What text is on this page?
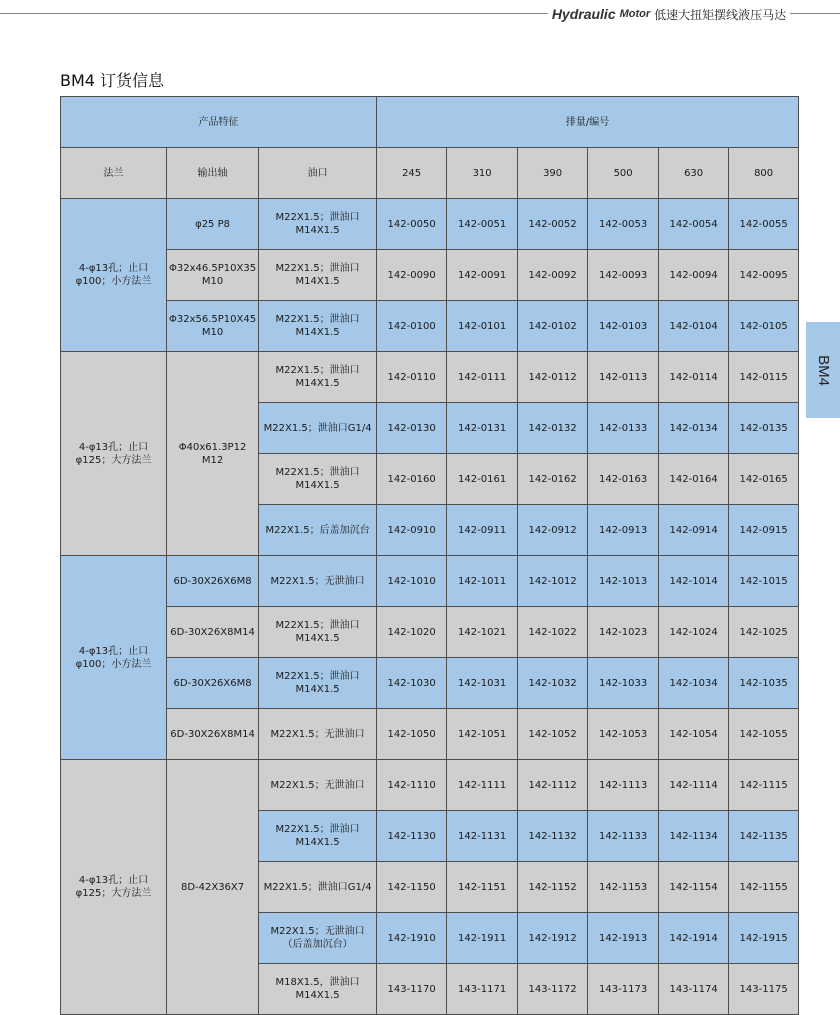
Hydraulic Motor 低速大扭矩摆线液压马达
BM4 订货信息
BM4
产品特征			排量/编号					
法兰	输出轴	油口	245	310	390	500	630	800
4-φ13孔；止口φ100；小方法兰	φ25 P8	M22X1.5；泄油口M14X1.5	142-0050	142-0051	142-0052	142-0053	142-0054	142-0055
	Φ32x46.5P10X35 M10	M22X1.5；泄油口M14X1.5	142-0090	142-0091	142-0092	142-0093	142-0094	142-0095
	Φ32x56.5P10X45 M10	M22X1.5；泄油口M14X1.5	142-0100	142-0101	142-0102	142-0103	142-0104	142-0105
4-φ13孔；止口φ125；大方法兰	Φ40x61.3P12 M12	M22X1.5；泄油口M14X1.5	142-0110	142-0111	142-0112	142-0113	142-0114	142-0115
		M22X1.5；泄油口G1/4	142-0130	142-0131	142-0132	142-0133	142-0134	142-0135
		M22X1.5；泄油口M14X1.5	142-0160	142-0161	142-0162	142-0163	142-0164	142-0165
		M22X1.5；后盖加沉台	142-0910	142-0911	142-0912	142-0913	142-0914	142-0915
4-φ13孔；止口φ100；小方法兰	6D-30X26X6M8	M22X1.5；无泄油口	142-1010	142-1011	142-1012	142-1013	142-1014	142-1015
	6D-30X26X8M14	M22X1.5；泄油口M14X1.5	142-1020	142-1021	142-1022	142-1023	142-1024	142-1025
	6D-30X26X6M8	M22X1.5；泄油口M14X1.5	142-1030	142-1031	142-1032	142-1033	142-1034	142-1035
	6D-30X26X8M14	M22X1.5；无泄油口	142-1050	142-1051	142-1052	142-1053	142-1054	142-1055
4-φ13孔；止口φ125；大方法兰	8D-42X36X7	M22X1.5；无泄油口	142-1110	142-1111	142-1112	142-1113	142-1114	142-1115
		M22X1.5；泄油口M14X1.5	142-1130	142-1131	142-1132	142-1133	142-1134	142-1135
		M22X1.5；泄油口G1/4	142-1150	142-1151	142-1152	142-1153	142-1154	142-1155
		M22X1.5；无泄油口（后盖加沉台）	142-1910	142-1911	142-1912	142-1913	142-1914	142-1915
		M18X1.5，泄油口M14X1.5	143-1170	143-1171	143-1172	143-1173	143-1174	143-1175
